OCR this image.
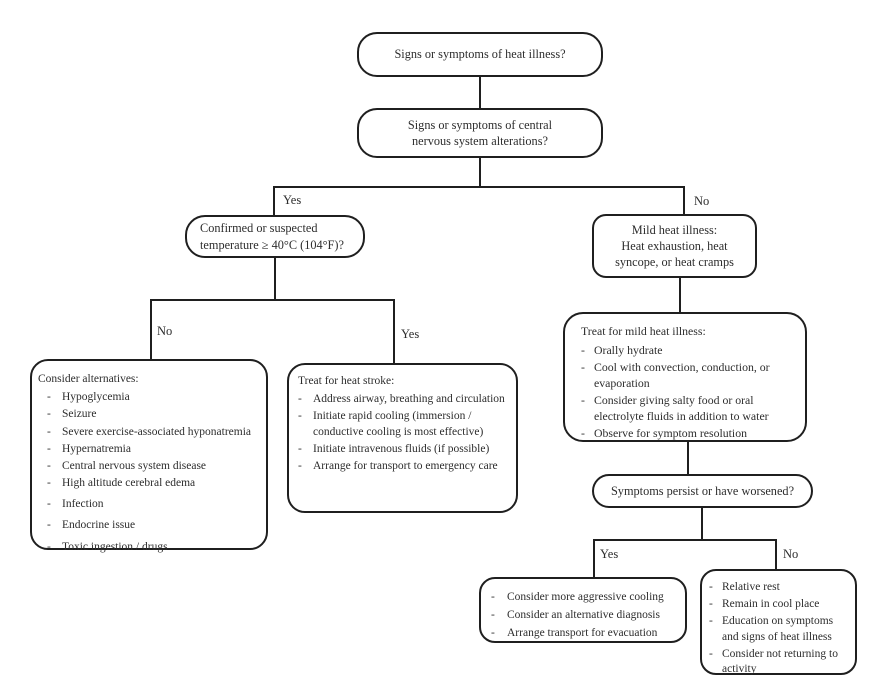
Signs or symptoms of heat illness?
Signs or symptoms of central
nervous system alterations?
Confirmed or suspected
temperature ≥ 40°C (104°F)?
Mild heat illness:
Heat exhaustion, heat syncope, or heat cramps
Consider alternatives:
- Hypoglycemia
- Seizure
- Severe exercise-associated hyponatremia
- Hypernatremia
- Central nervous system disease
- High altitude cerebral edema
- Infection
- Endocrine issue
- Toxic ingestion / drugs
Treat for heat stroke:
- Address airway, breathing and circulation
- Initiate rapid cooling (immersion / conductive cooling is most effective)
- Initiate intravenous fluids (if possible)
- Arrange for transport to emergency care
Treat for mild heat illness:
- Orally hydrate
- Cool with convection, conduction, or evaporation
- Consider giving salty food or oral electrolyte fluids in addition to water
- Observe for symptom resolution
Symptoms persist or have worsened?
-	Consider more aggressive cooling
-	Consider an alternative diagnosis
-	Arrange transport for evacuation
- Relative rest
- Remain in cool place
- Education on symptoms and signs of heat illness
- Consider not returning to activity
Yes	No
No	Yes
Yes	No
